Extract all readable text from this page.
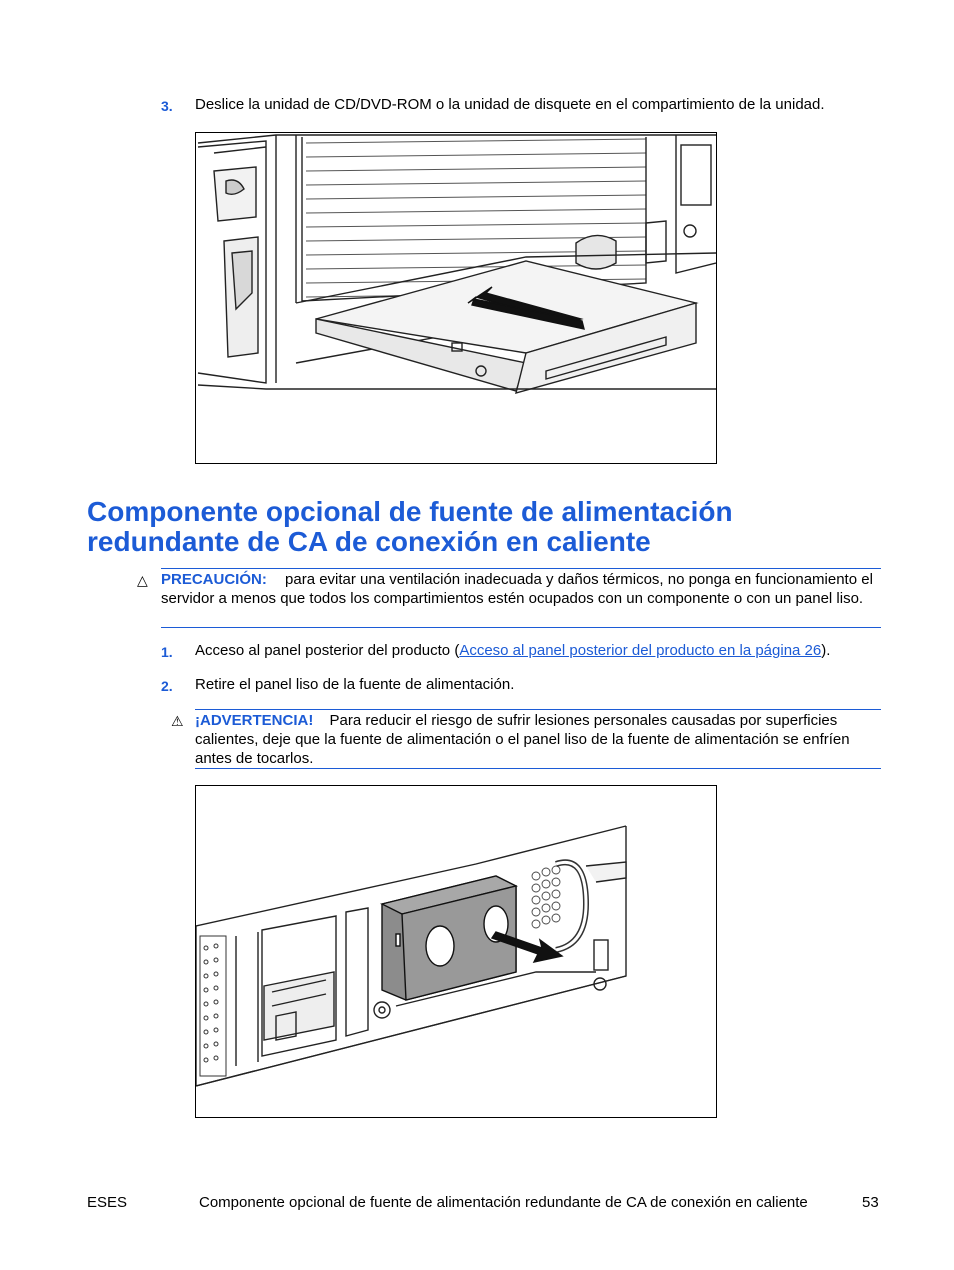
3. Deslice la unidad de CD/DVD-ROM o la unidad de disquete en el compartimiento de la unidad.
Componente opcional de fuente de alimentación
redundante de CA de conexión en caliente
△ PRECAUCIÓN: para evitar una ventilación inadecuada y daños térmicos, no ponga en funcionamiento el servidor a menos que todos los compartimientos estén ocupados con un componente o con un panel liso.
1. Acceso al panel posterior del producto (Acceso al panel posterior del producto en la página 26).
2. Retire el panel liso de la fuente de alimentación.
⚠ ¡ADVERTENCIA! Para reducir el riesgo de sufrir lesiones personales causadas por superficies calientes, deje que la fuente de alimentación o el panel liso de la fuente de alimentación se enfríen antes de tocarlos.
ESES	Componente opcional de fuente de alimentación redundante de CA de conexión en caliente	53
